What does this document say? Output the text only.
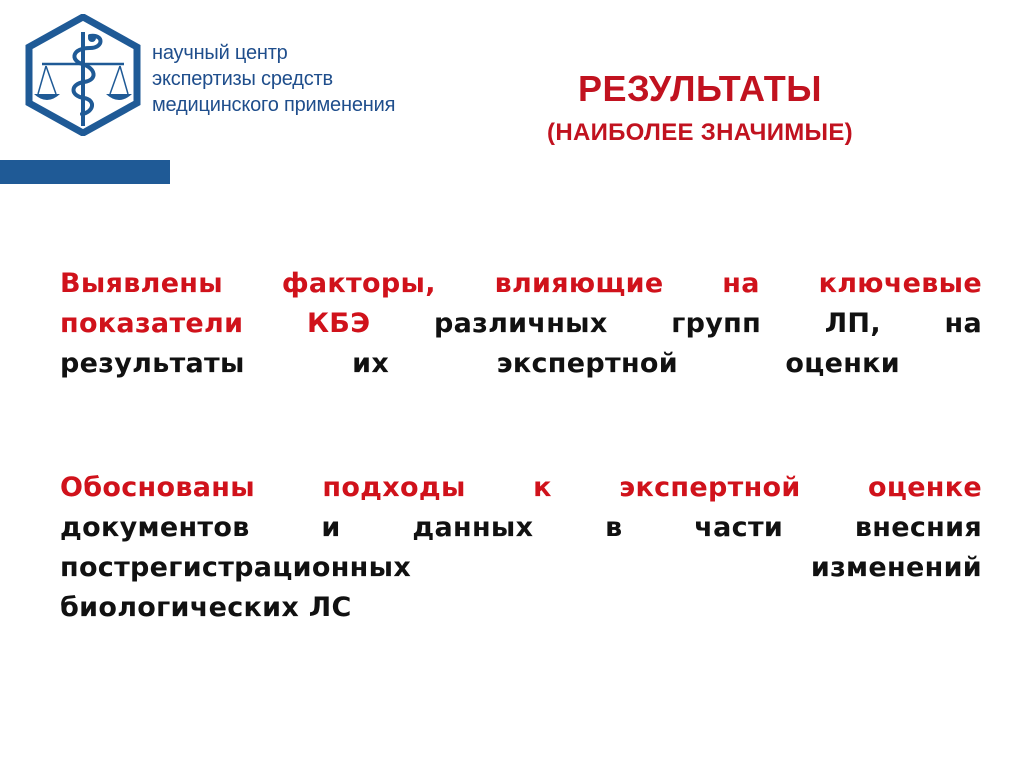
научный центр
экспертизы средств
медицинского применения	РЕЗУЛЬТАТЫ
(НАИБОЛЕЕ ЗНАЧИМЫЕ)
Выявлены факторы, влияющие на ключевые
показатели КБЭ различных групп ЛП, на
результаты их экспертной оценки
Обоснованы подходы к экспертной оценке
документов и данных в части внесния
пострегистрационных изменений
биологических ЛС
